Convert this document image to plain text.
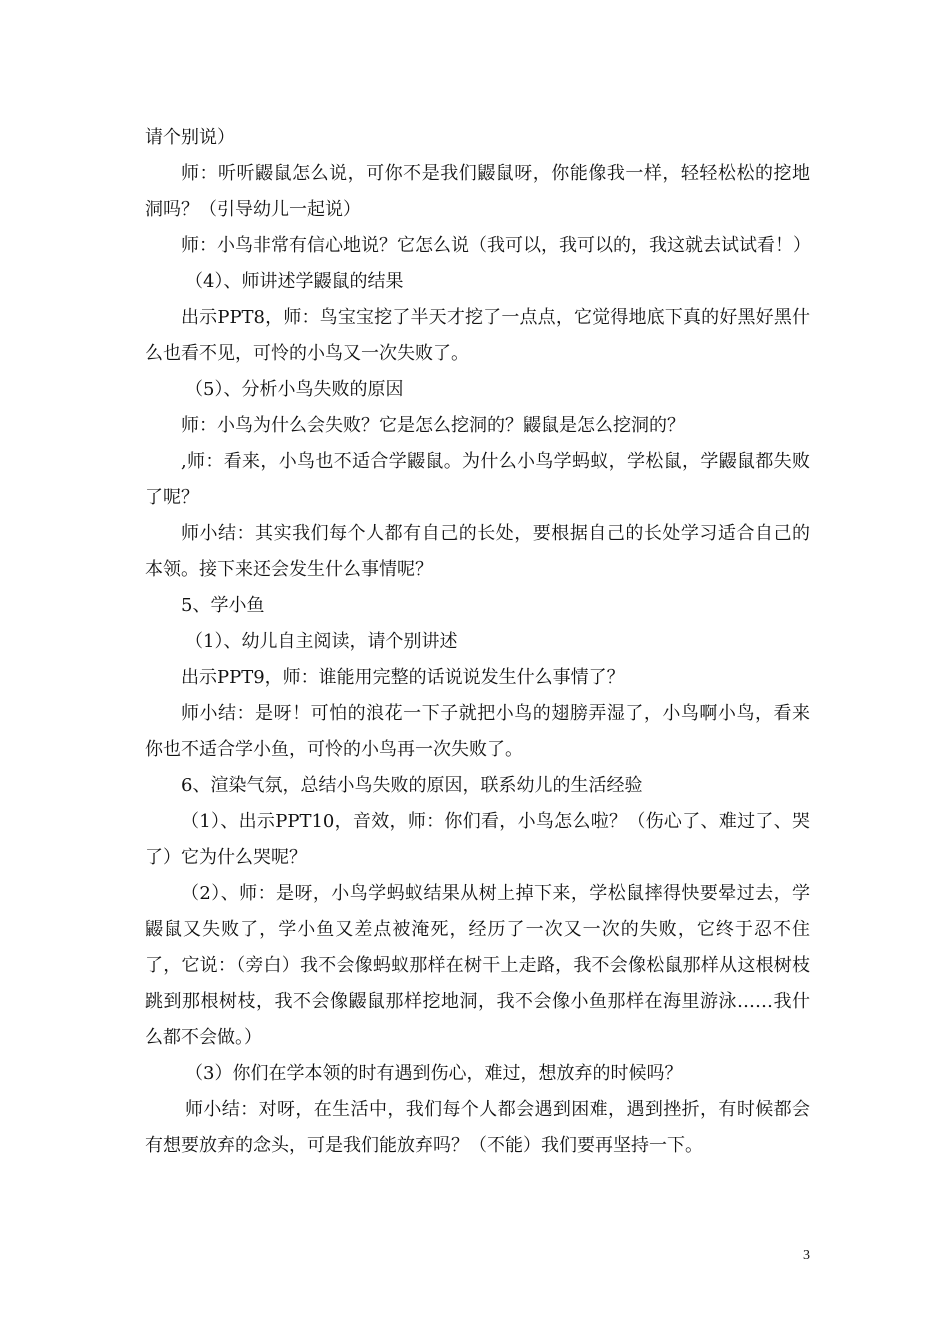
请个别说）

师：听听鼹鼠怎么说，可你不是我们鼹鼠呀，你能像我一样，轻轻松松的挖地洞吗？（引导幼儿一起说）

师：小鸟非常有信心地说？它怎么说（我可以，我可以的，我这就去试试看！）

（4）、师讲述学鼹鼠的结果

出示PPT8，师：鸟宝宝挖了半天才挖了一点点，它觉得地底下真的好黑好黑什么也看不见，可怜的小鸟又一次失败了。

（5）、分析小鸟失败的原因

师：小鸟为什么会失败？它是怎么挖洞的？鼹鼠是怎么挖洞的？

,师：看来，小鸟也不适合学鼹鼠。为什么小鸟学蚂蚁，学松鼠，学鼹鼠都失败了呢？

师小结：其实我们每个人都有自己的长处，要根据自己的长处学习适合自己的本领。接下来还会发生什么事情呢？

5、学小鱼

（1）、幼儿自主阅读，请个别讲述

出示PPT9，师：谁能用完整的话说说发生什么事情了？

师小结：是呀！可怕的浪花一下子就把小鸟的翅膀弄湿了，小鸟啊小鸟，看来你也不适合学小鱼，可怜的小鸟再一次失败了。

6、渲染气氛，总结小鸟失败的原因，联系幼儿的生活经验

（1）、出示PPT10，音效，师：你们看，小鸟怎么啦？（伤心了、难过了、哭了）它为什么哭呢？

（2）、师：是呀，小鸟学蚂蚁结果从树上掉下来，学松鼠摔得快要晕过去，学鼹鼠又失败了，学小鱼又差点被淹死，经历了一次又一次的失败，它终于忍不住了，它说：（旁白）我不会像蚂蚁那样在树干上走路，我不会像松鼠那样从这根树枝跳到那根树枝，我不会像鼹鼠那样挖地洞，我不会像小鱼那样在海里游泳……我什么都不会做。）

（3）你们在学本领的时有遇到伤心，难过，想放弃的时候吗？

师小结：对呀，在生活中，我们每个人都会遇到困难，遇到挫折，有时候都会有想要放弃的念头，可是我们能放弃吗？（不能）我们要再坚持一下。

3
